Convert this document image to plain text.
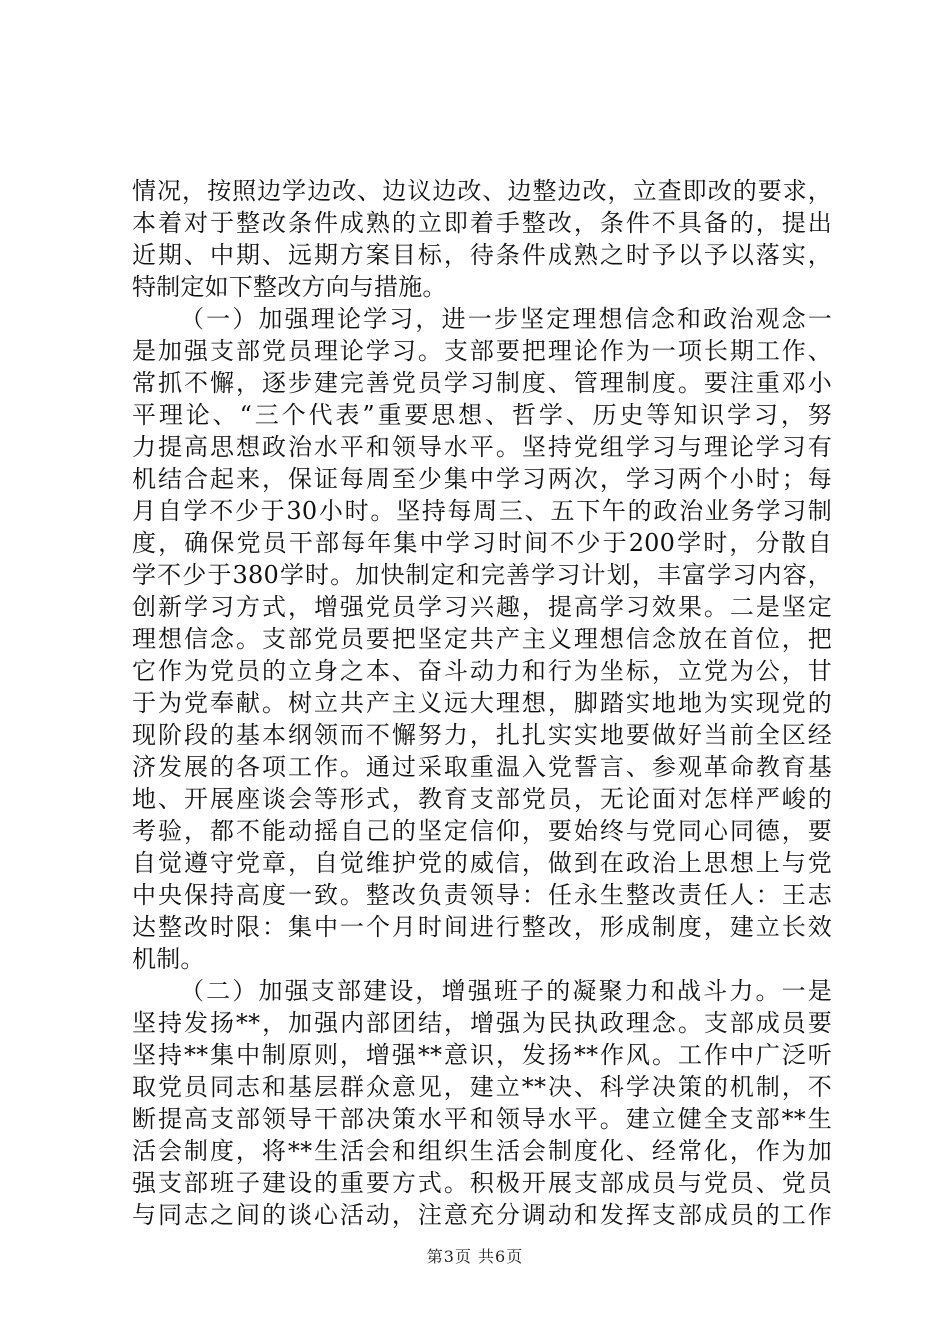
情况，按照边学边改、边议边改、边整边改，立查即改的要求，
本着对于整改条件成熟的立即着手整改，条件不具备的，提出
近期、中期、远期方案目标，待条件成熟之时予以予以落实，
特制定如下整改方向与措施。
（一）加强理论学习，进一步坚定理想信念和政治观念一
是加强支部党员理论学习。支部要把理论作为一项长期工作、
常抓不懈，逐步建完善党员学习制度、管理制度。要注重邓小
平理论、“三个代表”重要思想、哲学、历史等知识学习，努
力提高思想政治水平和领导水平。坚持党组学习与理论学习有
机结合起来，保证每周至少集中学习两次，学习两个小时；每
月自学不少于30小时。坚持每周三、五下午的政治业务学习制
度，确保党员干部每年集中学习时间不少于200学时，分散自
学不少于380学时。加快制定和完善学习计划，丰富学习内容，
创新学习方式，增强党员学习兴趣，提高学习效果。二是坚定
理想信念。支部党员要把坚定共产主义理想信念放在首位，把
它作为党员的立身之本、奋斗动力和行为坐标，立党为公，甘
于为党奉献。树立共产主义远大理想，脚踏实地地为实现党的
现阶段的基本纲领而不懈努力，扎扎实实地要做好当前全区经
济发展的各项工作。通过采取重温入党誓言、参观革命教育基
地、开展座谈会等形式，教育支部党员，无论面对怎样严峻的
考验，都不能动摇自己的坚定信仰，要始终与党同心同德，要
自觉遵守党章，自觉维护党的威信，做到在政治上思想上与党
中央保持高度一致。整改负责领导：任永生整改责任人：王志
达整改时限：集中一个月时间进行整改，形成制度，建立长效
机制。
（二）加强支部建设，增强班子的凝聚力和战斗力。一是
坚持发扬**，加强内部团结，增强为民执政理念。支部成员要
坚持**集中制原则，增强**意识，发扬**作风。工作中广泛听
取党员同志和基层群众意见，建立**决、科学决策的机制，不
断提高支部领导干部决策水平和领导水平。建立健全支部**生
活会制度，将**生活会和组织生活会制度化、经常化，作为加
强支部班子建设的重要方式。积极开展支部成员与党员、党员
与同志之间的谈心活动，注意充分调动和发挥支部成员的工作
第3页 共6页
